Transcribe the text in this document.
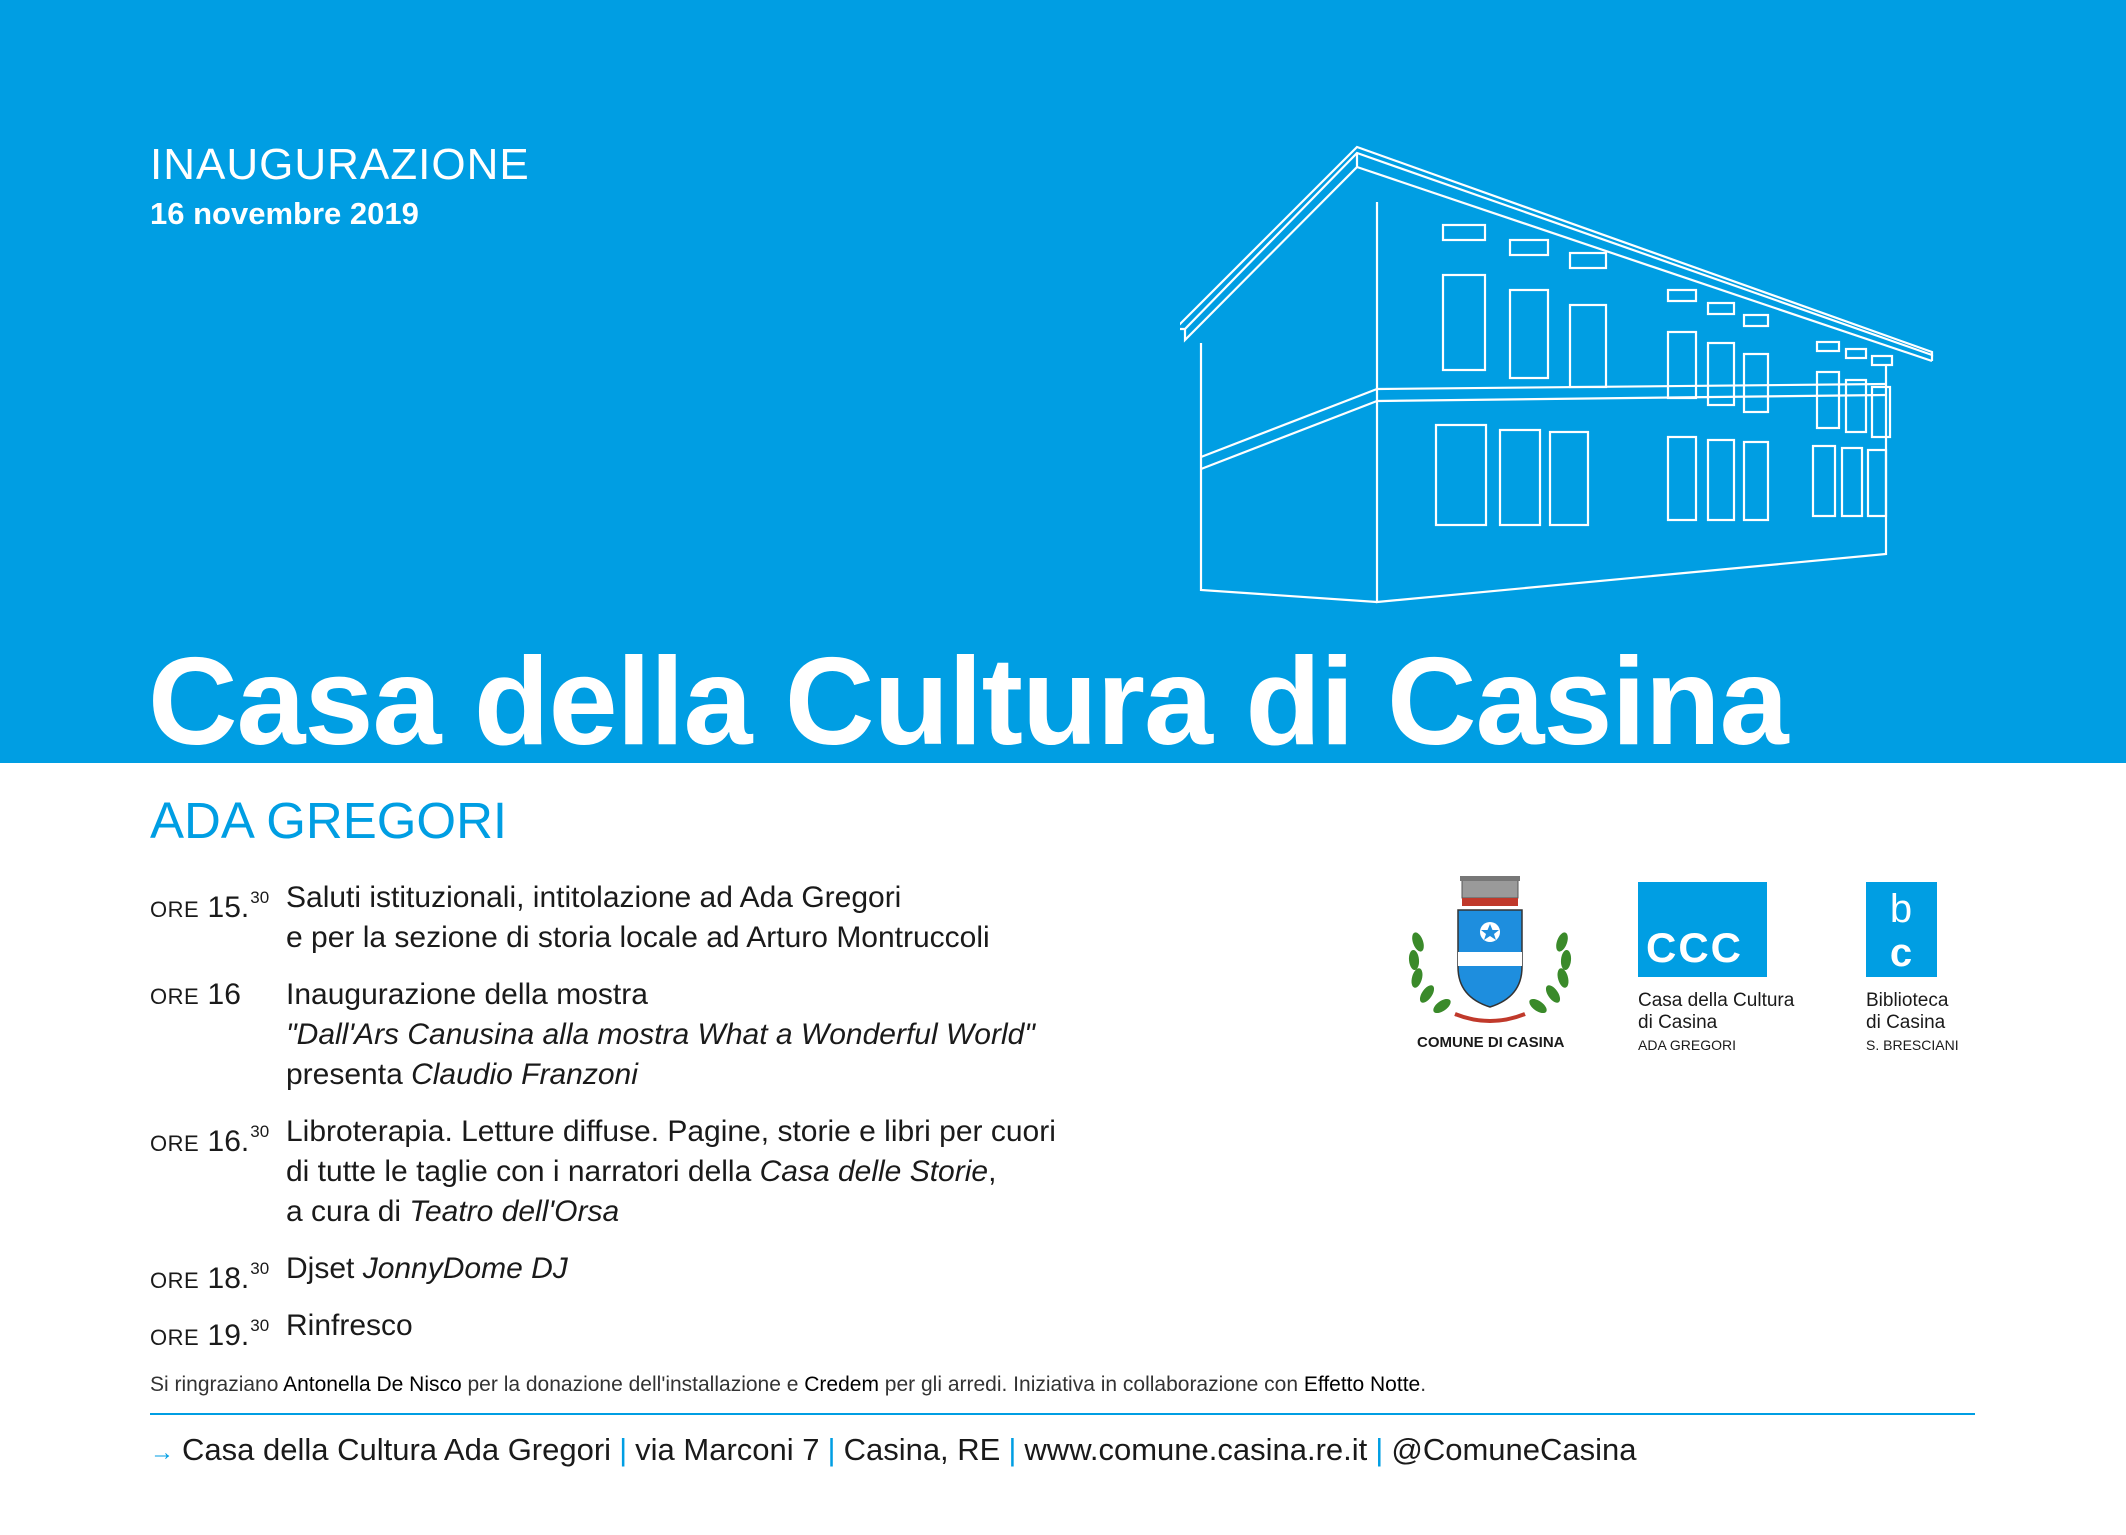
INAUGURAZIONE
16 novembre 2019
Casa della Cultura di Casina
ADA GREGORI
ORE 15.30 Saluti istituzionali, intitolazione ad Ada Gregori
e per la sezione di storia locale ad Arturo Montruccoli
ORE 16 Inaugurazione della mostra
"Dall'Ars Canusina alla mostra What a Wonderful World"
presenta Claudio Franzoni
ORE 16.30 Libroterapia. Letture diffuse. Pagine, storie e libri per cuori
di tutte le taglie con i narratori della Casa delle Storie,
a cura di Teatro dell'Orsa
ORE 18.30 Djset JonnyDome DJ
ORE 19.30 Rinfresco
COMUNE DI CASINA
CCC
Casa della Cultura
di Casina
ADA GREGORI
b
c
Biblioteca
di Casina
S. BRESCIANI
Si ringraziano Antonella De Nisco per la donazione dell'installazione e Credem per gli arredi. Iniziativa in collaborazione con Effetto Notte.
→ Casa della Cultura Ada Gregori | via Marconi 7 | Casina, RE | www.comune.casina.re.it | @ComuneCasina
